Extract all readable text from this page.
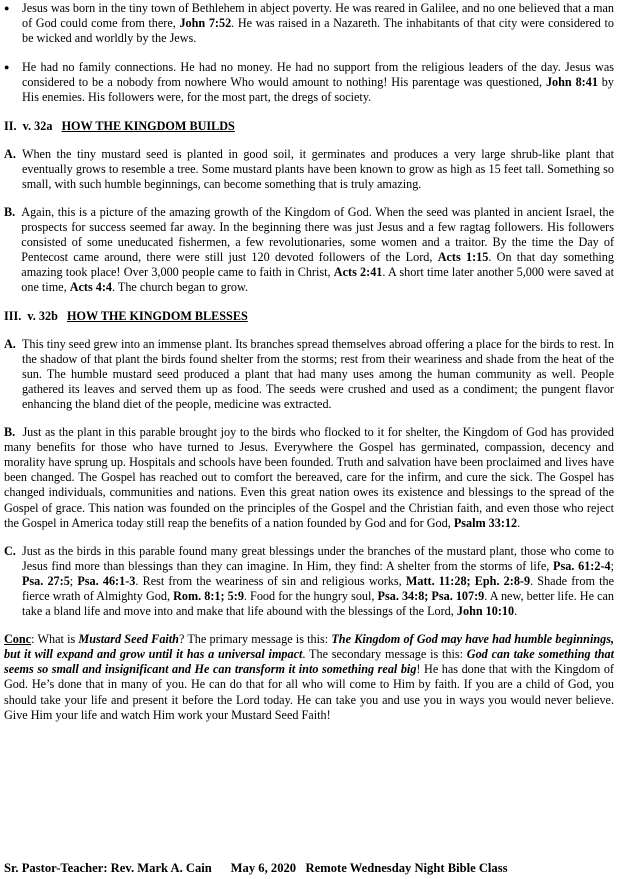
●

Jesus was born in the tiny town of Bethlehem in abject poverty. He was reared in Galilee, and no one believed that a man of God could come from there, John 7:52. He was raised in a Nazareth. The inhabitants of that city were considered to be wicked and worldly by the Jews.

●

He had no family connections. He had no money. He had no support from the religious leaders of the day. Jesus was considered to be a nobody from nowhere Who would amount to nothing! His parentage was questioned, John 8:41 by His enemies. His followers were, for the most part, the dregs of society.

II. v. 32a HOW THE KINGDOM BUILDS

A . When the tiny mustard seed is planted in good soil, it germinates and produces a very large shrub-like plant that eventually grows to resemble a tree. Some mustard plants have been known to grow as high as 15 feet tall. Something so small, with such humble beginnings, can become something that is truly amazing.

B . Again, this is a picture of the amazing growth of the Kingdom of God. When the seed was planted in ancient Israel, the prospects for success seemed far away. In the beginning there was just Jesus and a few ragtag followers. His followers consisted of some uneducated fishermen, a few revolutionaries, some women and a traitor. By the time the Day of Pentecost came around, there were still just 120 devoted followers of the Lord, Acts 1:15. On that day something amazing took place! Over 3,000 people came to faith in Christ, Acts 2:41. A short time later another 5,000 were saved at one time, Acts 4:4. The church began to grow.

III. v. 32b HOW THE KINGDOM BLESSES

A.
This tiny seed grew into an immense plant. Its branches spread themselves abroad offering a place for the birds to rest. In the shadow of that plant the birds found shelter from the storms; rest from their weariness and shade from the heat of the sun. The humble mustard seed produced a plant that had many uses among the human community as well. People gathered its leaves and served them up as food. The seeds were crushed and used as a condiment; the pungent flavor enhancing the bland diet of the people, medicine was extracted.

B. Just as the plant in this parable brought joy to the birds who flocked to it for shelter, the Kingdom of God has provided many benefits for those who have turned to Jesus. Everywhere the Gospel has germinated, compassion, decency and morality have sprung up. Hospitals and schools have been founded. Truth and salvation have been proclaimed and lives have been changed. The Gospel has reached out to comfort the bereaved, care for the infirm, and cure the sick. The Gospel has changed individuals, communities and nations. Even this great nation owes its existence and blessings to the spread of the Gospel of grace. This nation was founded on the principles of the Gospel and the Christian faith, and even those who reject the Gospel in America today still reap the benefits of a nation founded by God and for God, Psalm 33:12.

C.
Just as the birds in this parable found many great blessings under the branches of the mustard plant, those who come to Jesus find more than blessings than they can imagine. In Him, they find: A shelter from the storms of life, Psa. 61:2-4; Psa. 27:5; Psa. 46:1-3. Rest from the weariness of sin and religious works, Matt. 11:28; Eph. 2:8-9. Shade from the fierce wrath of Almighty God, Rom. 8:1; 5:9. Food for the hungry soul, Psa. 34:8; Psa. 107:9. A new, better life. He can take a bland life and move into and make that life abound with the blessings of the Lord, John 10:10.

Conc: What is Mustard Seed Faith? The primary message is this: The Kingdom of God may have had humble beginnings, but it will expand and grow until it has a universal impact. The secondary message is this: God can take something that seems so small and insignificant and He can transform it into something real big! He has done that with the Kingdom of God. He’s done that in many of you. He can do that for all who will come to Him by faith. If you are a child of God, you should take your life and present it before the Lord today. He can take you and use you in ways you would never believe. Give Him your life and watch Him work your Mustard Seed Faith!

Sr. Pastor-Teacher: Rev. Mark A. Cain May 6, 2020 Remote Wednesday Night Bible Class
